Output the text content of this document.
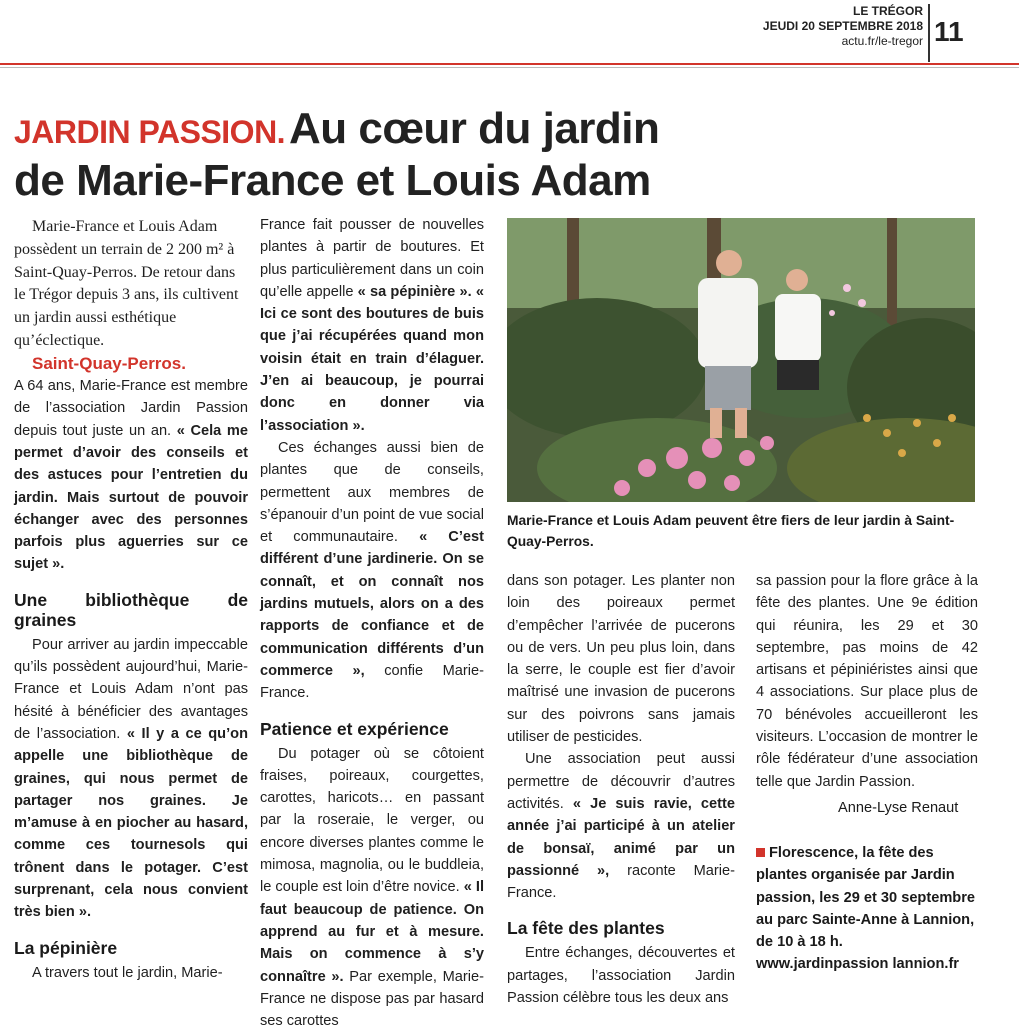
LE TRÉGOR
JEUDI 20 SEPTEMBRE 2018
actu.fr/le-tregor 11
JARDIN PASSION. Au cœur du jardin
de Marie-France et Louis Adam

Marie-France et Louis Adam possèdent un terrain de 2 200 m² à Saint-Quay-Perros. De retour dans le Trégor depuis 3 ans, ils cultivent un jardin aussi esthétique qu’éclectique.

Saint-Quay-Perros.

A 64 ans, Marie-France est membre de l’association Jardin Passion depuis tout juste un an. « Cela me permet d’avoir des conseils et des astuces pour l’entretien du jardin. Mais surtout de pouvoir échanger avec des personnes parfois plus aguerries sur ce sujet ».

Une bibliothèque de graines

Pour arriver au jardin impeccable qu’ils possèdent aujourd’hui, Marie-France et Louis Adam n’ont pas hésité à bénéficier des avantages de l’association. « Il y a ce qu’on appelle une bibliothèque de graines, qui nous permet de partager nos graines. Je m’amuse à en piocher au hasard, comme ces tournesols qui trônent dans le potager. C’est surprenant, cela nous convient très bien ».

La pépinière

A travers tout le jardin, Marie-

France fait pousser de nouvelles plantes à partir de boutures. Et plus particulièrement dans un coin qu’elle appelle « sa pépinière ». « Ici ce sont des boutures de buis que j’ai récupérées quand mon voisin était en train d’élaguer. J’en ai beaucoup, je pourrai donc en donner via l’association ».

Ces échanges aussi bien de plantes que de conseils, permettent aux membres de s’épanouir d’un point de vue social et communautaire. « C’est différent d’une jardinerie. On se connaît, et on connaît nos jardins mutuels, alors on a des rapports de confiance et de communication différents d’un commerce », confie Marie-France.

Patience et expérience

Du potager où se côtoient fraises, poireaux, courgettes, carottes, haricots… en passant par la roseraie, le verger, ou encore diverses plantes comme le mimosa, magnolia, ou le buddleia, le couple est loin d’être novice. « Il faut beaucoup de patience. On apprend au fur et à mesure. Mais on commence à s’y connaître ». Par exemple, Marie-France ne dispose pas par hasard ses carottes

Marie-France et Louis Adam peuvent être fiers de leur jardin à Saint-Quay-Perros.

dans son potager. Les planter non loin des poireaux permet d’empêcher l’arrivée de pucerons ou de vers. Un peu plus loin, dans la serre, le couple est fier d’avoir maîtrisé une invasion de pucerons sur des poivrons sans jamais utiliser de pesticides.

Une association peut aussi permettre de découvrir d’autres activités. « Je suis ravie, cette année j’ai participé à un atelier de bonsaï, animé par un passionné », raconte Marie-France.

La fête des plantes

Entre échanges, découvertes et partages, l’association Jardin Passion célèbre tous les deux ans

sa passion pour la flore grâce à la fête des plantes. Une 9e édition qui réunira, les 29 et 30 septembre, pas moins de 42 artisans et pépiniéristes ainsi que 4 associations. Sur place plus de 70 bénévoles accueilleront les visiteurs. L’occasion de montrer le rôle fédérateur d’une association telle que Jardin Passion.

Anne-Lyse Renaut
Florescence, la fête des plantes organisée par Jardin passion, les 29 et 30 septembre au parc Sainte-Anne à Lannion, de 10 à 18 h. www.jardinpassion lannion.fr
